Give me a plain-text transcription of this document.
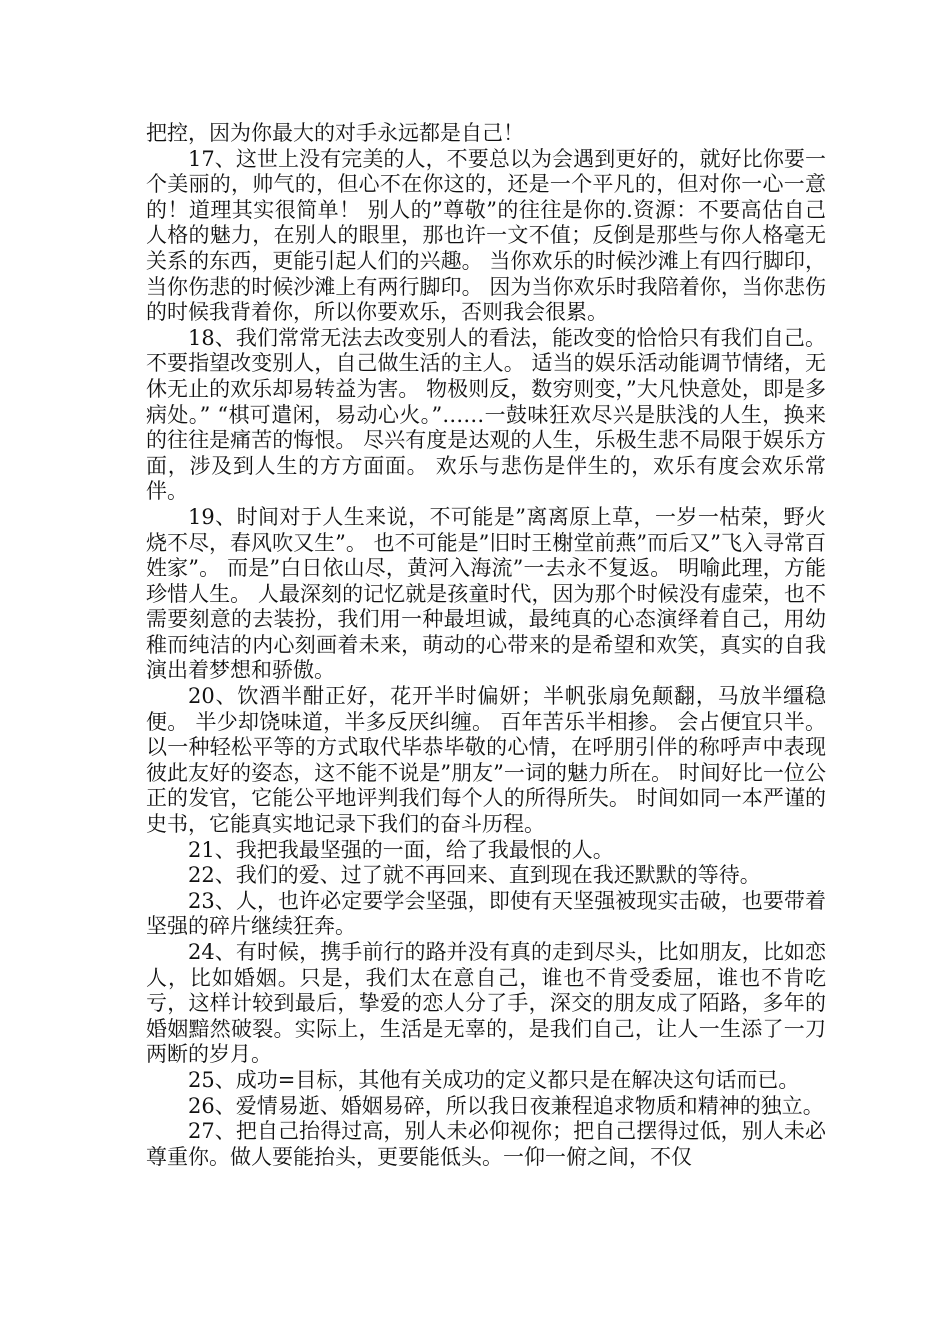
把控，因为你最大的对手永远都是自己！

17、这世上没有完美的人，不要总以为会遇到更好的，就好比你要一个美丽的，帅气的，但心不在你这的，还是一个平凡的，但对你一心一意的！道理其实很简单！ 别人的”尊敬”的往往是你的.资源：不要高估自己人格的魅力，在别人的眼里，那也许一文不值；反倒是那些与你人格毫无关系的东西，更能引起人们的兴趣。 当你欢乐的时候沙滩上有四行脚印，当你伤悲的时候沙滩上有两行脚印。 因为当你欢乐时我陪着你，当你悲伤的时候我背着你，所以你要欢乐，否则我会很累。

18、我们常常无法去改变别人的看法，能改变的恰恰只有我们自己。 不要指望改变别人，自己做生活的主人。 适当的娱乐活动能调节情绪，无休无止的欢乐却易转益为害。 物极则反，数穷则变，”大凡快意处，即是多病处。” “棋可遣闲，易动心火。”……一鼓味狂欢尽兴是肤浅的人生，换来的往往是痛苦的悔恨。 尽兴有度是达观的人生，乐极生悲不局限于娱乐方面，涉及到人生的方方面面。 欢乐与悲伤是伴生的，欢乐有度会欢乐常伴。

19、时间对于人生来说，不可能是”离离原上草，一岁一枯荣，野火烧不尽，春风吹又生”。 也不可能是”旧时王榭堂前燕”而后又”飞入寻常百姓家”。 而是”白日依山尽，黄河入海流”一去永不复返。 明喻此理，方能珍惜人生。 人最深刻的记忆就是孩童时代，因为那个时候没有虚荣，也不需要刻意的去装扮，我们用一种最坦诚，最纯真的心态演绎着自己，用幼稚而纯洁的内心刻画着未来，萌动的心带来的是希望和欢笑，真实的自我演出着梦想和骄傲。

20、饮酒半酣正好，花开半时偏妍；半帆张扇免颠翻，马放半缰稳便。 半少却饶味道，半多反厌纠缠。 百年苦乐半相掺。 会占便宜只半。 以一种轻松平等的方式取代毕恭毕敬的心情，在呼朋引伴的称呼声中表现彼此友好的姿态，这不能不说是”朋友”一词的魅力所在。 时间好比一位公正的发官，它能公平地评判我们每个人的所得所失。 时间如同一本严谨的史书，它能真实地记录下我们的奋斗历程。

21、我把我最坚强的一面，给了我最恨的人。

22、我们的爱、过了就不再回来、直到现在我还默默的等待。

23、人，也许必定要学会坚强，即使有天坚强被现实击破，也要带着坚强的碎片继续狂奔。

24、有时候，携手前行的路并没有真的走到尽头，比如朋友，比如恋人，比如婚姻。只是，我们太在意自己，谁也不肯受委屈，谁也不肯吃亏，这样计较到最后，挚爱的恋人分了手，深交的朋友成了陌路，多年的婚姻黯然破裂。实际上，生活是无辜的，是我们自己，让人一生添了一刀两断的岁月。

25、成功=目标，其他有关成功的定义都只是在解决这句话而已。

26、爱情易逝、婚姻易碎，所以我日夜兼程追求物质和精神的独立。

27、把自己抬得过高，别人未必仰视你；把自己摆得过低，别人未必尊重你。做人要能抬头，更要能低头。一仰一俯之间，不仅
